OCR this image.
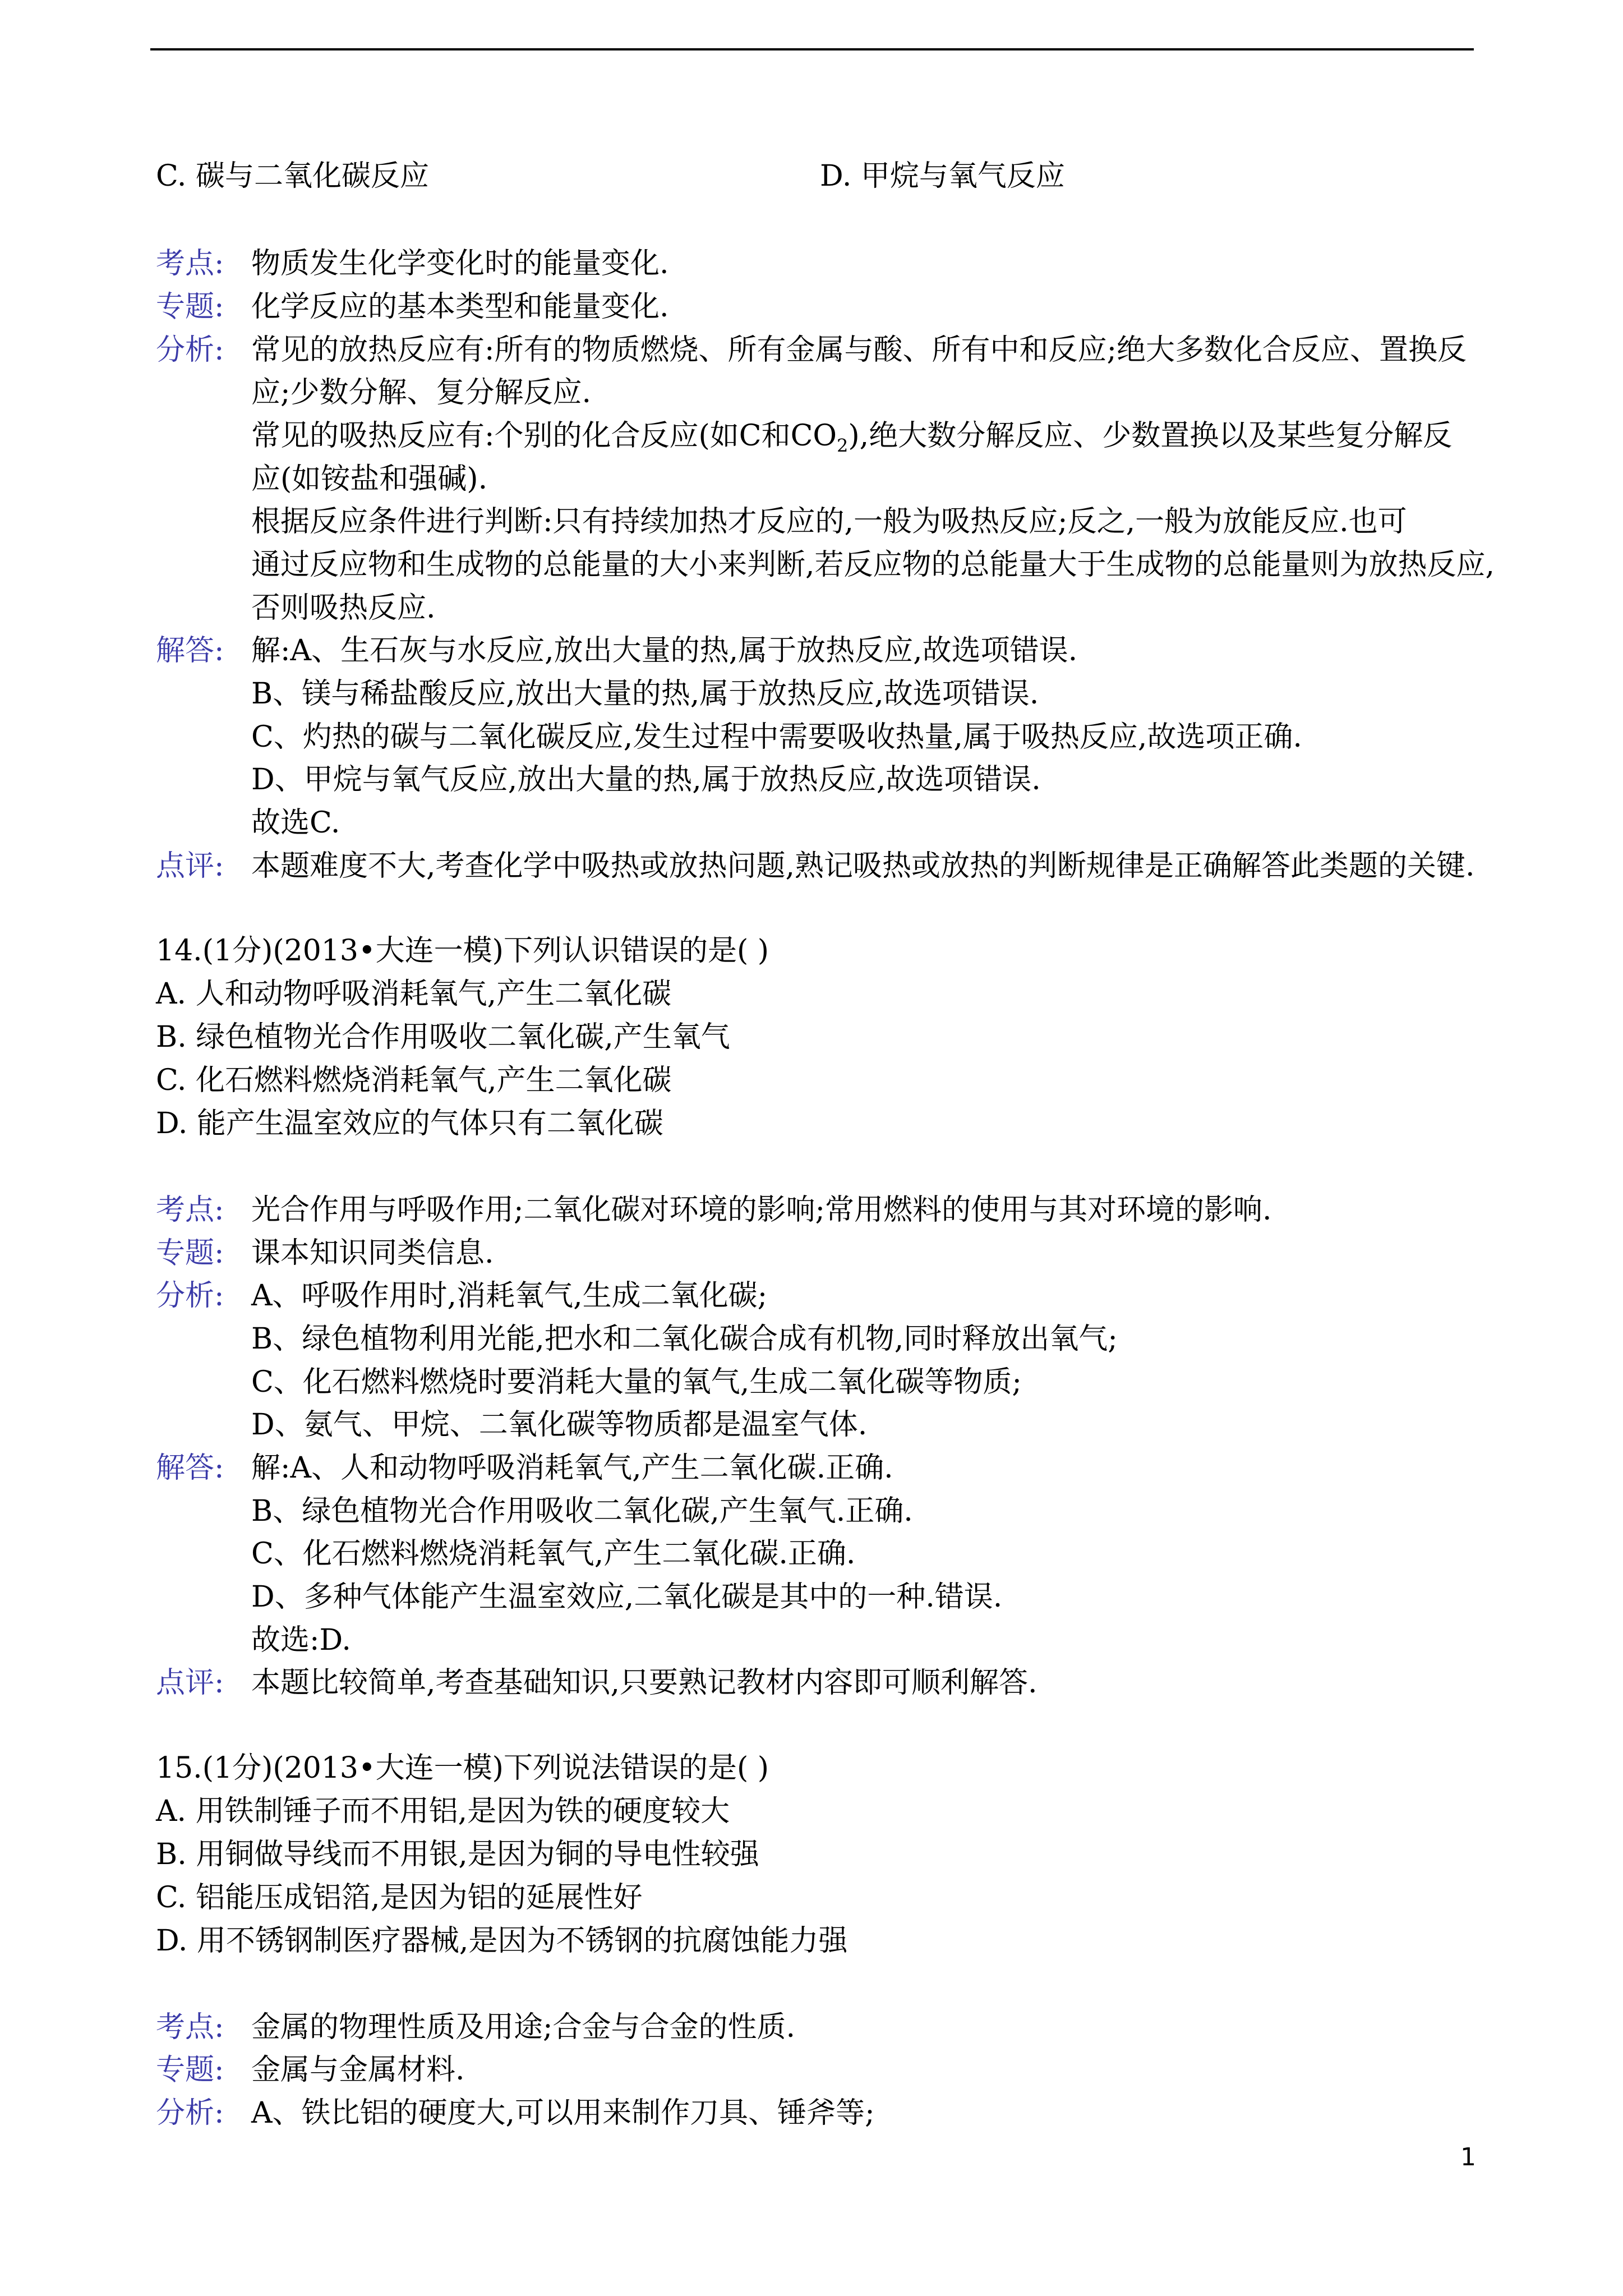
C. 碳与二氧化碳反应	D. 甲烷与氧气反应
考点: 物质发生化学变化时的能量变化.
专题: 化学反应的基本类型和能量变化.
分析: 常见的放热反应有:所有的物质燃烧、所有金属与酸、所有中和反应;绝大多数化合反应、置换反
应;少数分解、复分解反应.
常见的吸热反应有:个别的化合反应(如C和$CO_2$),绝大数分解反应、少数置换以及某些复分解反
应(如铵盐和强碱).
根据反应条件进行判断:只有持续加热才反应的,一般为吸热反应;反之,一般为放能反应.也可
通过反应物和生成物的总能量的大小来判断,若反应物的总能量大于生成物的总能量则为放热反应,
否则吸热反应.
解答: 解:A、生石灰与水反应,放出大量的热,属于放热反应,故选项错误.
B、镁与稀盐酸反应,放出大量的热,属于放热反应,故选项错误.
C、灼热的碳与二氧化碳反应,发生过程中需要吸收热量,属于吸热反应,故选项正确.
D、甲烷与氧气反应,放出大量的热,属于放热反应,故选项错误.
故选C.
点评: 本题难度不大,考查化学中吸热或放热问题,熟记吸热或放热的判断规律是正确解答此类题的关键.
14.(1分)(2013•大连一模)下列认识错误的是( )
A. 人和动物呼吸消耗氧气,产生二氧化碳
B. 绿色植物光合作用吸收二氧化碳,产生氧气
C. 化石燃料燃烧消耗氧气,产生二氧化碳
D. 能产生温室效应的气体只有二氧化碳
考点: 光合作用与呼吸作用;二氧化碳对环境的影响;常用燃料的使用与其对环境的影响.
专题: 课本知识同类信息.
分析: A、呼吸作用时,消耗氧气,生成二氧化碳;
B、绿色植物利用光能,把水和二氧化碳合成有机物,同时释放出氧气;
C、化石燃料燃烧时要消耗大量的氧气,生成二氧化碳等物质;
D、氨气、甲烷、二氧化碳等物质都是温室气体.
解答: 解:A、人和动物呼吸消耗氧气,产生二氧化碳.正确.
B、绿色植物光合作用吸收二氧化碳,产生氧气.正确.
C、化石燃料燃烧消耗氧气,产生二氧化碳.正确.
D、多种气体能产生温室效应,二氧化碳是其中的一种.错误.
故选:D.
点评: 本题比较简单,考查基础知识,只要熟记教材内容即可顺利解答.
15.(1分)(2013•大连一模)下列说法错误的是( )
A. 用铁制锤子而不用铝,是因为铁的硬度较大
B. 用铜做导线而不用银,是因为铜的导电性较强
C. 铝能压成铝箔,是因为铝的延展性好
D. 用不锈钢制医疗器械,是因为不锈钢的抗腐蚀能力强
考点: 金属的物理性质及用途;合金与合金的性质.
专题: 金属与金属材料.
分析: A、铁比铝的硬度大,可以用来制作刀具、锤斧等;
1
